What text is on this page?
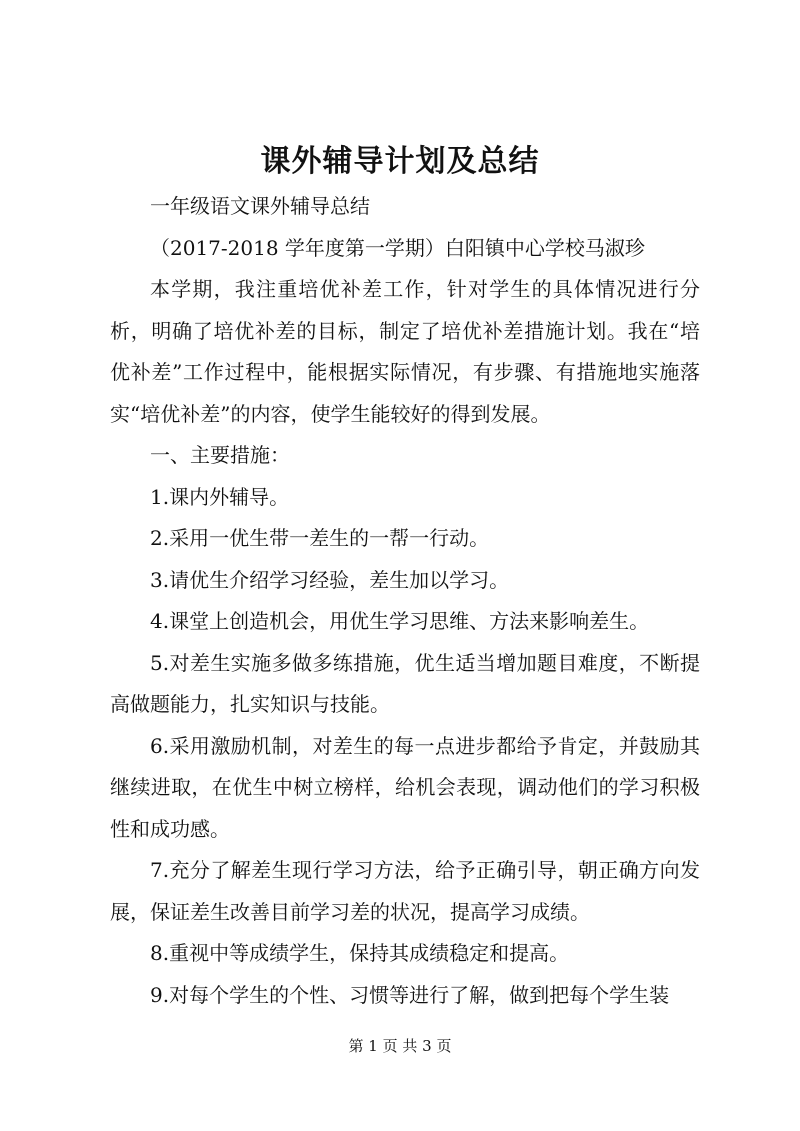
课外辅导计划及总结

一年级语文课外辅导总结

（2017-2018 学年度第一学期）白阳镇中心学校马淑珍

本学期，我注重培优补差工作，针对学生的具体情况进行分析，明确了培优补差的目标，制定了培优补差措施计划。我在“培优补差”工作过程中，能根据实际情况，有步骤、有措施地实施落实“培优补差”的内容，使学生能较好的得到发展。

一、主要措施：

1.课内外辅导。

2.采用一优生带一差生的一帮一行动。

3.请优生介绍学习经验，差生加以学习。

4.课堂上创造机会，用优生学习思维、方法来影响差生。

5.对差生实施多做多练措施，优生适当增加题目难度，不断提高做题能力，扎实知识与技能。

6.采用激励机制，对差生的每一点进步都给予肯定，并鼓励其继续进取，在优生中树立榜样，给机会表现，调动他们的学习积极性和成功感。

7.充分了解差生现行学习方法，给予正确引导，朝正确方向发展，保证差生改善目前学习差的状况，提高学习成绩。

8.重视中等成绩学生，保持其成绩稳定和提高。

9.对每个学生的个性、习惯等进行了解，做到把每个学生装

第 1 页 共 3 页
